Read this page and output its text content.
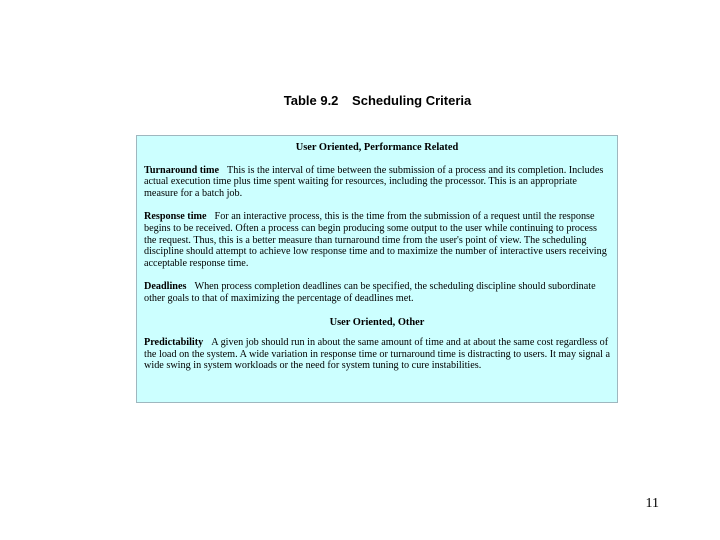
Table 9.2 Scheduling Criteria
User Oriented, Performance Related

Turnaround time This is the interval of time between the submission of a process and its completion. Includes actual execution time plus time spent waiting for resources, including the processor. This is an appropriate measure for a batch job.

Response time For an interactive process, this is the time from the submission of a request until the response begins to be received. Often a process can begin producing some output to the user while continuing to process the request. Thus, this is a better measure than turnaround time from the user's point of view. The scheduling discipline should attempt to achieve low response time and to maximize the number of interactive users receiving acceptable response time.

Deadlines When process completion deadlines can be specified, the scheduling discipline should subordinate other goals to that of maximizing the percentage of deadlines met.

User Oriented, Other

Predictability A given job should run in about the same amount of time and at about the same cost regardless of the load on the system. A wide variation in response time or turnaround time is distracting to users. It may signal a wide swing in system workloads or the need for system tuning to cure instabilities.

11
